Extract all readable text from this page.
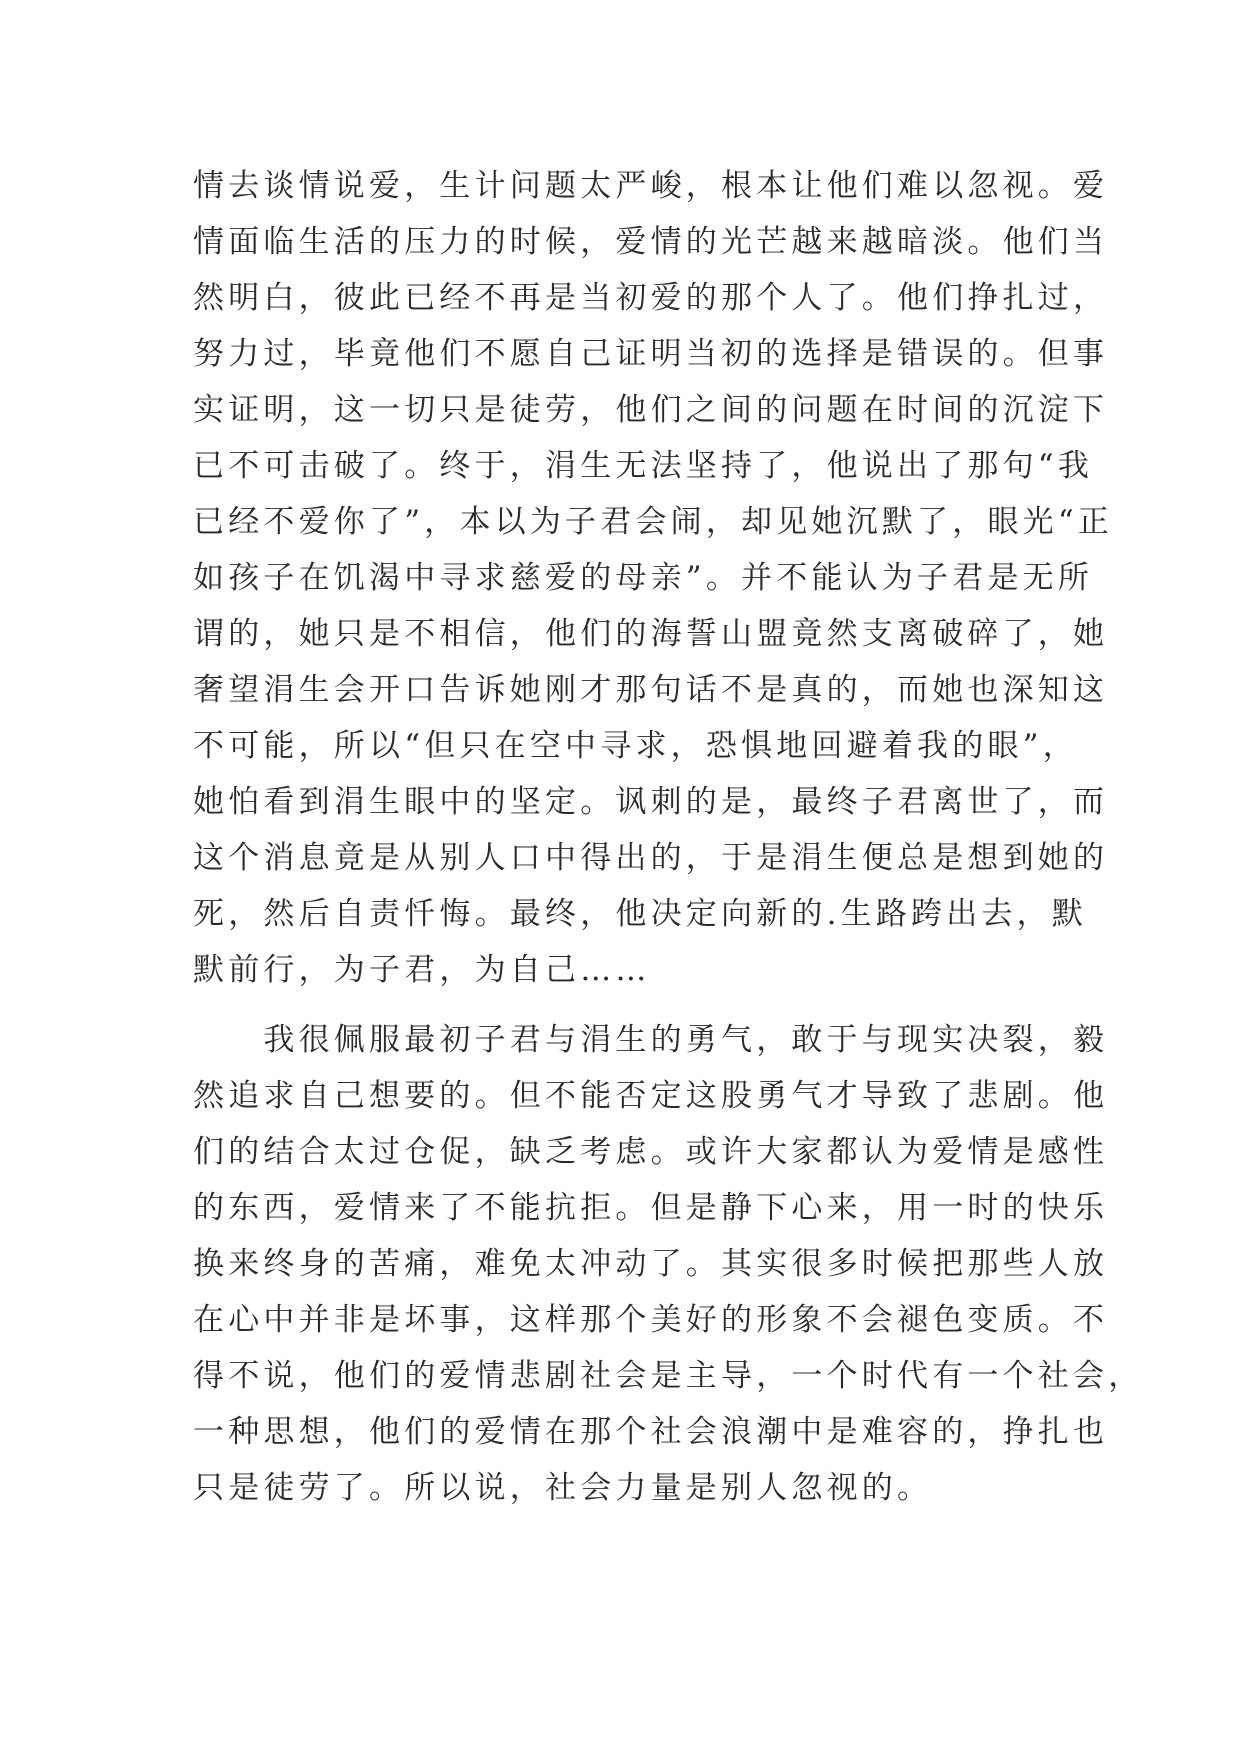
情去谈情说爱，生计问题太严峻，根本让他们难以忽视。爱
情面临生活的压力的时候，爱情的光芒越来越暗淡。他们当
然明白，彼此已经不再是当初爱的那个人了。他们挣扎过，
努力过，毕竟他们不愿自己证明当初的选择是错误的。但事
实证明，这一切只是徒劳，他们之间的问题在时间的沉淀下
已不可击破了。终于，涓生无法坚持了，他说出了那句“我
已经不爱你了”，本以为子君会闹，却见她沉默了，眼光“正
如孩子在饥渴中寻求慈爱的母亲”。并不能认为子君是无所
谓的，她只是不相信，他们的海誓山盟竟然支离破碎了，她
奢望涓生会开口告诉她刚才那句话不是真的，而她也深知这
不可能，所以“但只在空中寻求，恐惧地回避着我的眼”，
她怕看到涓生眼中的坚定。讽刺的是，最终子君离世了，而
这个消息竟是从别人口中得出的，于是涓生便总是想到她的
死，然后自责忏悔。最终，他决定向新的.生路跨出去，默
默前行，为子君，为自己……
　　我很佩服最初子君与涓生的勇气，敢于与现实决裂，毅
然追求自己想要的。但不能否定这股勇气才导致了悲剧。他
们的结合太过仓促，缺乏考虑。或许大家都认为爱情是感性
的东西，爱情来了不能抗拒。但是静下心来，用一时的快乐
换来终身的苦痛，难免太冲动了。其实很多时候把那些人放
在心中并非是坏事，这样那个美好的形象不会褪色变质。不
得不说，他们的爱情悲剧社会是主导，一个时代有一个社会，
一种思想，他们的爱情在那个社会浪潮中是难容的，挣扎也
只是徒劳了。所以说，社会力量是别人忽视的。
